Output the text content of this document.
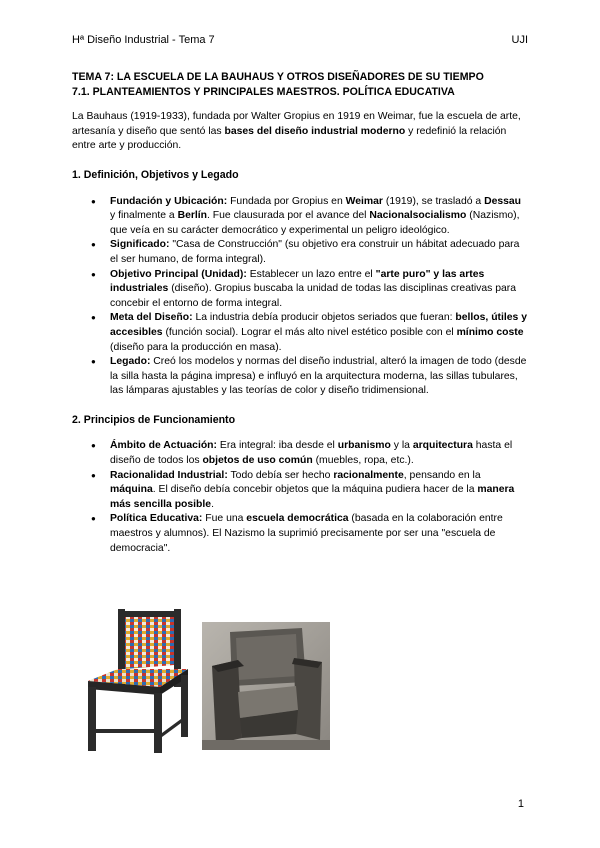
Hª Diseño Industrial - Tema 7	UJI

TEMA 7: LA ESCUELA DE LA BAUHAUS Y OTROS DISEÑADORES DE SU TIEMPO
7.1. PLANTEAMIENTOS Y PRINCIPALES MAESTROS. POLÍTICA EDUCATIVA

La Bauhaus (1919-1933), fundada por Walter Gropius en 1919 en Weimar, fue la escuela de arte, artesanía y diseño que sentó las bases del diseño industrial moderno y redefinió la relación entre arte y producción.

1. Definición, Objetivos y Legado
● Fundación y Ubicación: Fundada por Gropius en Weimar (1919), se trasladó a Dessau y finalmente a Berlín. Fue clausurada por el avance del Nacionalsocialismo (Nazismo), que veía en su carácter democrático y experimental un peligro ideológico.
● Significado: "Casa de Construcción" (su objetivo era construir un hábitat adecuado para el ser humano, de forma integral).
● Objetivo Principal (Unidad): Establecer un lazo entre el "arte puro" y las artes industriales (diseño). Gropius buscaba la unidad de todas las disciplinas creativas para concebir el entorno de forma integral.
● Meta del Diseño: La industria debía producir objetos seriados que fueran: bellos, útiles y accesibles (función social). Lograr el más alto nivel estético posible con el mínimo coste (diseño para la producción en masa).
● Legado: Creó los modelos y normas del diseño industrial, alteró la imagen de todo (desde la silla hasta la página impresa) e influyó en la arquitectura moderna, las sillas tubulares, las lámparas ajustables y las teorías de color y diseño tridimensional.
2. Principios de Funcionamiento
● Ámbito de Actuación: Era integral: iba desde el urbanismo y la arquitectura hasta el diseño de todos los objetos de uso común (muebles, ropa, etc.).
● Racionalidad Industrial: Todo debía ser hecho racionalmente, pensando en la máquina. El diseño debía concebir objetos que la máquina pudiera hacer de la manera más sencilla posible.
● Política Educativa: Fue una escuela democrática (basada en la colaboración entre maestros y alumnos). El Nazismo la suprimió precisamente por ser una "escuela de democracia".
1
